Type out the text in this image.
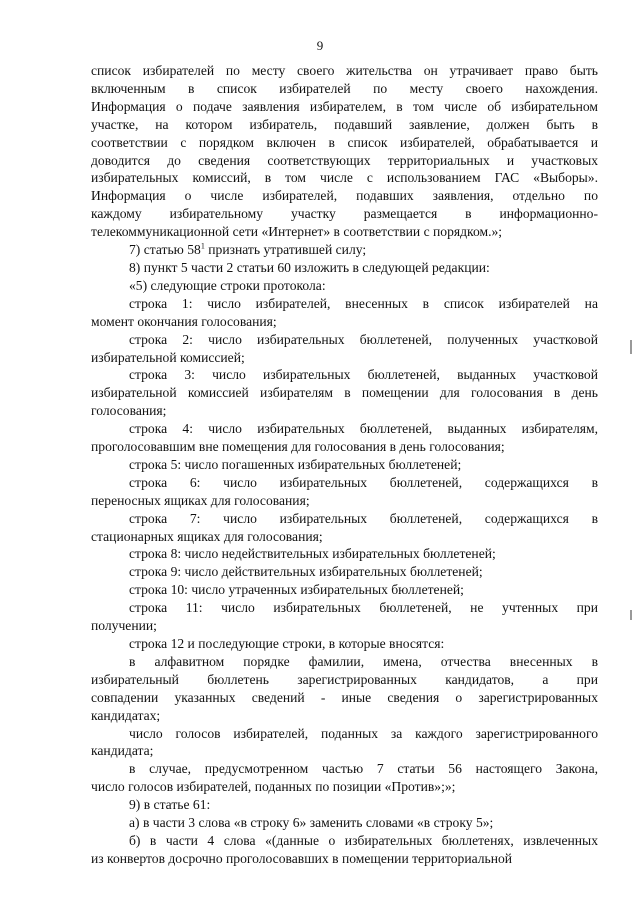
9

список избирателей по месту своего жительства он утрачивает право быть

включенным в список избирателей по месту своего нахождения.

Информация о подаче заявления избирателем, в том числе об избирательном

участке, на котором избиратель, подавший заявление, должен быть в

соответствии с порядком включен в список избирателей, обрабатывается и

доводится до сведения соответствующих территориальных и участковых

избирательных комиссий, в том числе с использованием ГАС «Выборы».

Информация о числе избирателей, подавших заявления, отдельно по

каждому избирательному участку размещается в информационно-

телекоммуникационной сети «Интернет» в соответствии с порядком.»;

7) статью $58^1$ признать утратившей силу;

8) пункт 5 части 2 статьи 60 изложить в следующей редакции:

«5) следующие строки протокола:

строка 1: число избирателей, внесенных в список избирателей на

момент окончания голосования;

строка 2: число избирательных бюллетеней, полученных участковой

избирательной комиссией;

строка 3: число избирательных бюллетеней, выданных участковой

избирательной комиссией избирателям в помещении для голосования в день

голосования;

строка 4: число избирательных бюллетеней, выданных избирателям,

проголосовавшим вне помещения для голосования в день голосования;

строка 5: число погашенных избирательных бюллетеней;

строка 6: число избирательных бюллетеней, содержащихся в

переносных ящиках для голосования;

строка 7: число избирательных бюллетеней, содержащихся в

стационарных ящиках для голосования;

строка 8: число недействительных избирательных бюллетеней;

строка 9: число действительных избирательных бюллетеней;

строка 10: число утраченных избирательных бюллетеней;

строка 11: число избирательных бюллетеней, не учтенных при

получении;

строка 12 и последующие строки, в которые вносятся:

в алфавитном порядке фамилии, имена, отчества внесенных в

избирательный бюллетень зарегистрированных кандидатов, а при

совпадении указанных сведений - иные сведения о зарегистрированных

кандидатах;

число голосов избирателей, поданных за каждого зарегистрированного

кандидата;

в случае, предусмотренном частью 7 статьи 56 настоящего Закона,

число голосов избирателей, поданных по позиции «Против»;»;

9) в статье 61:

а) в части 3 слова «в строку 6» заменить словами «в строку 5»;

б) в части 4 слова «(данные о избирательных бюллетенях, извлеченных

из конвертов досрочно проголосовавших в помещении территориальной
